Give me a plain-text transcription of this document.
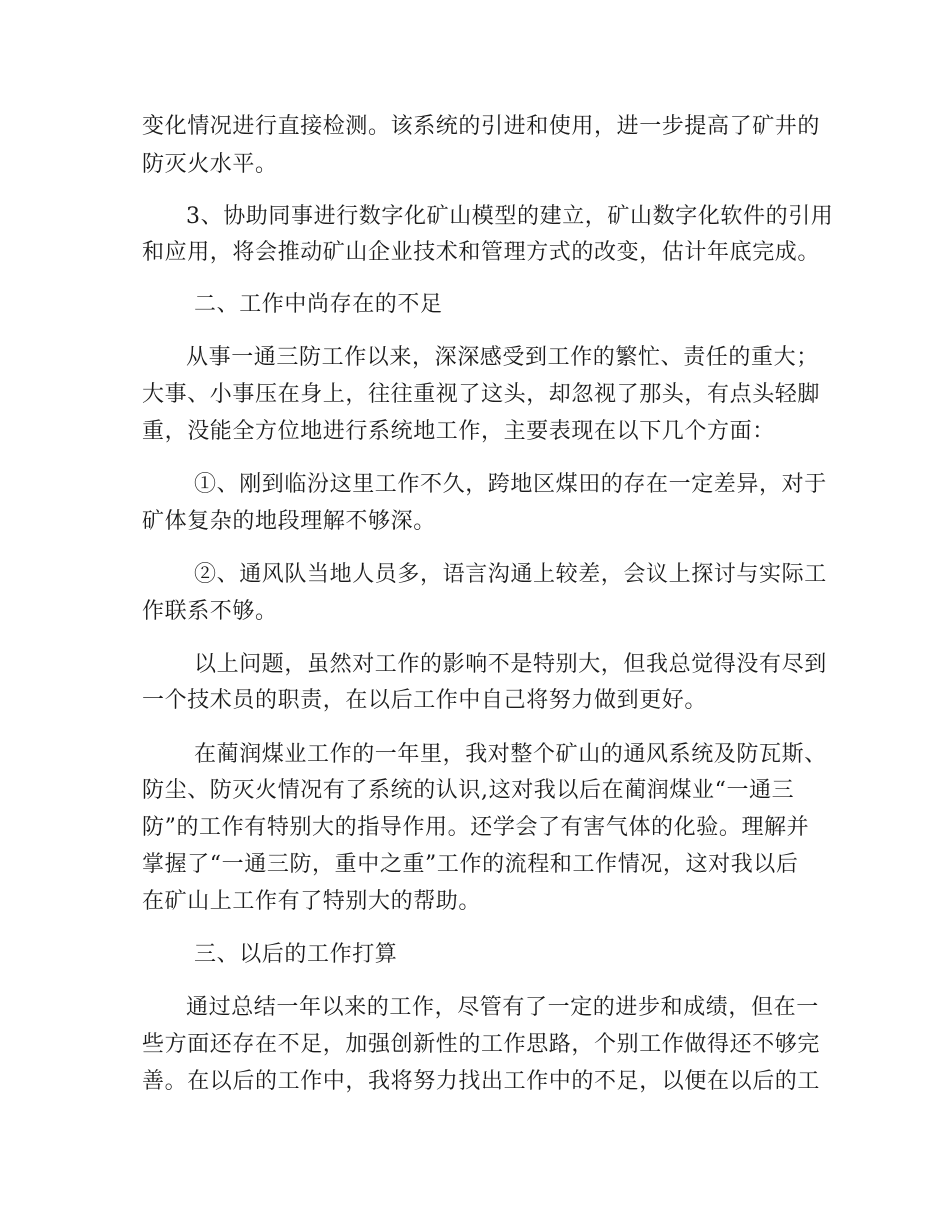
变化情况进行直接检测。该系统的引进和使用，进一步提高了矿井的
防灭火水平。
3、协助同事进行数字化矿山模型的建立，矿山数字化软件的引用
和应用，将会推动矿山企业技术和管理方式的改变，估计年底完成。
二、工作中尚存在的不足
从事一通三防工作以来，深深感受到工作的繁忙、责任的重大；
大事、小事压在身上，往往重视了这头，却忽视了那头，有点头轻脚
重，没能全方位地进行系统地工作，主要表现在以下几个方面：
①、刚到临汾这里工作不久，跨地区煤田的存在一定差异，对于
矿体复杂的地段理解不够深。
②、通风队当地人员多，语言沟通上较差，会议上探讨与实际工
作联系不够。
以上问题，虽然对工作的影响不是特别大，但我总觉得没有尽到
一个技术员的职责，在以后工作中自己将努力做到更好。
在蔺润煤业工作的一年里，我对整个矿山的通风系统及防瓦斯、
防尘、防灭火情况有了系统的认识,这对我以后在蔺润煤业“一通三
防”的工作有特别大的指导作用。还学会了有害气体的化验。理解并
掌握了“一通三防，重中之重”工作的流程和工作情况，这对我以后
在矿山上工作有了特别大的帮助。
三、以后的工作打算
通过总结一年以来的工作，尽管有了一定的进步和成绩，但在一
些方面还存在不足，加强创新性的工作思路，个别工作做得还不够完
善。在以后的工作中，我将努力找出工作中的不足，以便在以后的工
